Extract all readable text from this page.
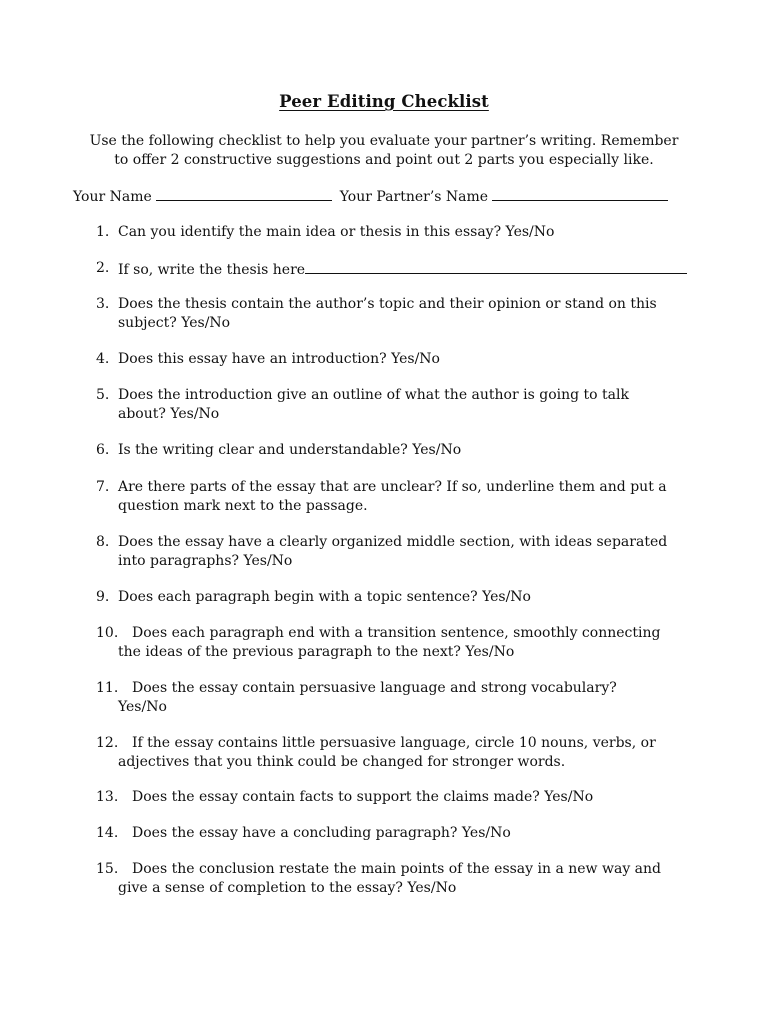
Peer Editing Checklist
Use the following checklist to help you evaluate your partner’s writing. Remember
to offer 2 constructive suggestions and point out 2 parts you especially like.
Your Name	Your Partner’s Name
1. Can you identify the main idea or thesis in this essay? Yes/No
2. If so, write the thesis here
3. Does the thesis contain the author’s topic and their opinion or stand on this
subject? Yes/No
4. Does this essay have an introduction? Yes/No
5. Does the introduction give an outline of what the author is going to talk
about? Yes/No
6. Is the writing clear and understandable? Yes/No
7. Are there parts of the essay that are unclear? If so, underline them and put a
question mark next to the passage.
8. Does the essay have a clearly organized middle section, with ideas separated
into paragraphs? Yes/No
9. Does each paragraph begin with a topic sentence? Yes/No
10. Does each paragraph end with a transition sentence, smoothly connecting
the ideas of the previous paragraph to the next? Yes/No
11. Does the essay contain persuasive language and strong vocabulary?
Yes/No
12. If the essay contains little persuasive language, circle 10 nouns, verbs, or
adjectives that you think could be changed for stronger words.
13. Does the essay contain facts to support the claims made? Yes/No
14. Does the essay have a concluding paragraph? Yes/No
15. Does the conclusion restate the main points of the essay in a new way and
give a sense of completion to the essay? Yes/No
